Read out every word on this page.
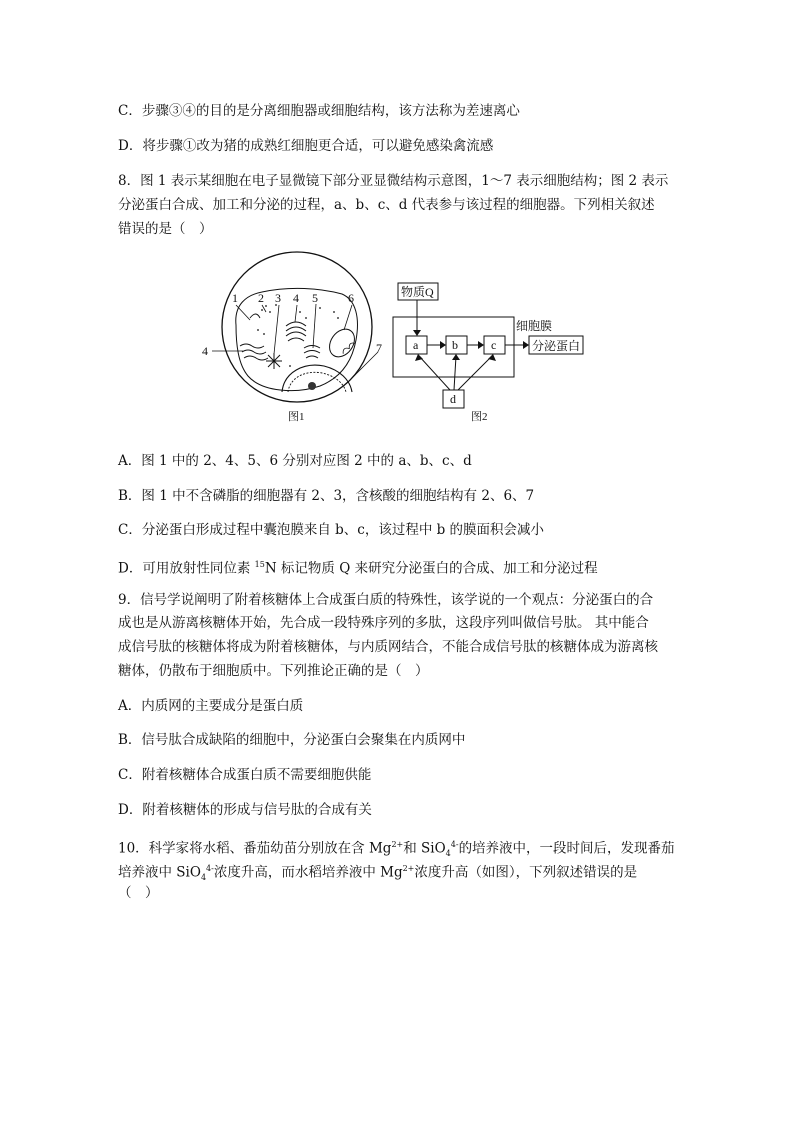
C．步骤③④的目的是分离细胞器或细胞结构，该方法称为差速离心
D．将步骤①改为猪的成熟红细胞更合适，可以避免感染禽流感
8．图 1 表示某细胞在电子显微镜下部分亚显微结构示意图，1～7 表示细胞结构；图 2 表示
分泌蛋白合成、加工和分泌的过程，a、b、c、d 代表参与该过程的细胞器。下列相关叙述
错误的是（　）
1 2 3 4 5	6
4	7
图1
物质Q
细胞膜
a	b	c	分泌蛋白
d
图2
A．图 1 中的 2、4、5、6 分别对应图 2 中的 a、b、c、d
B．图 1 中不含磷脂的细胞器有 2、3，含核酸的细胞结构有 2、6、7
C．分泌蛋白形成过程中囊泡膜来自 b、c，该过程中 b 的膜面积会减小
D．可用放射性同位素 $^{15}$N 标记物质 Q 来研究分泌蛋白的合成、加工和分泌过程
9．信号学说阐明了附着核糖体上合成蛋白质的特殊性，该学说的一个观点：分泌蛋白的合
成也是从游离核糖体开始，先合成一段特殊序列的多肽，这段序列叫做信号肽。 其中能合
成信号肽的核糖体将成为附着核糖体，与内质网结合，不能合成信号肽的核糖体成为游离核
糖体，仍散布于细胞质中。下列推论正确的是（　）
A．内质网的主要成分是蛋白质
B．信号肽合成缺陷的细胞中，分泌蛋白会聚集在内质网中
C．附着核糖体合成蛋白质不需要细胞供能
D．附着核糖体的形成与信号肽的合成有关
10．科学家将水稻、番茄幼苗分别放在含 $Mg^{2+}$和 SiO$_4^{4-}$的培养液中，一段时间后，发现番茄
培养液中 SiO$_4^{4-}$浓度升高，而水稻培养液中 $Mg^{2+}$浓度升高（如图），下列叙述错误的是
（　）
